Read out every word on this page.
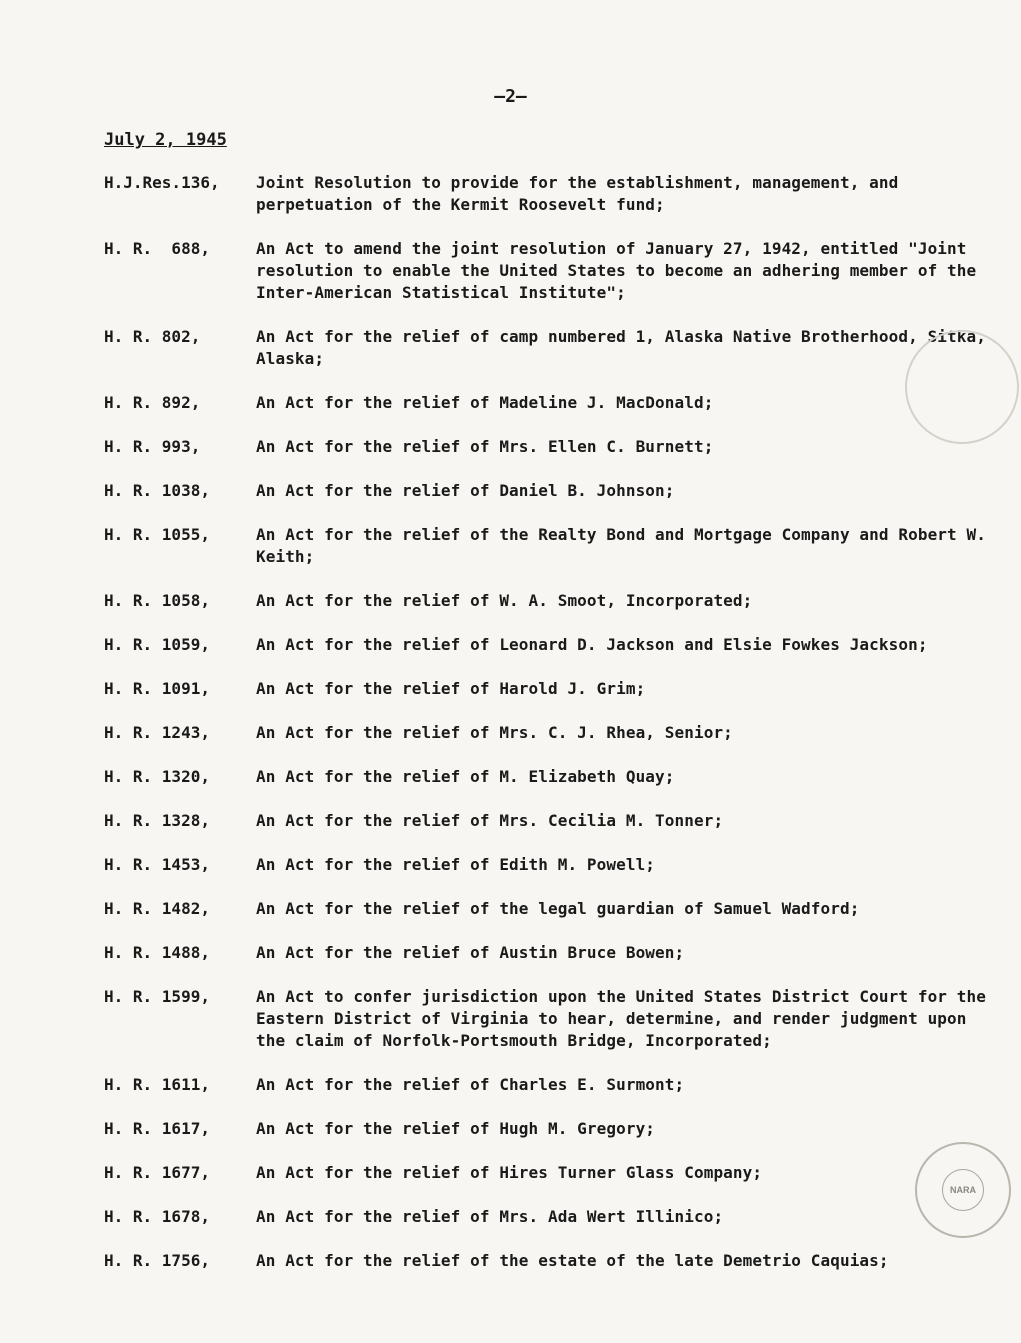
—2—
July 2, 1945
H.J.Res.136,	Joint Resolution to provide for the establishment, management, and perpetuation of the Kermit Roosevelt fund;
H. R.  688,	An Act to amend the joint resolution of January 27, 1942, entitled "Joint resolution to enable the United States to become an adhering member of the Inter-American Statistical Institute";
H. R. 802,	An Act for the relief of camp numbered 1, Alaska Native Brotherhood, Sitka, Alaska;
H. R. 892,	An Act for the relief of Madeline J. MacDonald;
H. R. 993,	An Act for the relief of Mrs. Ellen C. Burnett;
H. R. 1038,	An Act for the relief of Daniel B. Johnson;
H. R. 1055,	An Act for the relief of the Realty Bond and Mortgage Company and Robert W. Keith;
H. R. 1058,	An Act for the relief of W. A. Smoot, Incorporated;
H. R. 1059,	An Act for the relief of Leonard D. Jackson and Elsie Fowkes Jackson;
H. R. 1091,	An Act for the relief of Harold J. Grim;
H. R. 1243,	An Act for the relief of Mrs. C. J. Rhea, Senior;
H. R. 1320,	An Act for the relief of M. Elizabeth Quay;
H. R. 1328,	An Act for the relief of Mrs. Cecilia M. Tonner;
H. R. 1453,	An Act for the relief of Edith M. Powell;
H. R. 1482,	An Act for the relief of the legal guardian of Samuel Wadford;
H. R. 1488,	An Act for the relief of Austin Bruce Bowen;
H. R. 1599,	An Act to confer jurisdiction upon the United States District Court for the Eastern District of Virginia to hear, determine, and render judgment upon the claim of Norfolk-Portsmouth Bridge, Incorporated;
H. R. 1611,	An Act for the relief of Charles E. Surmont;
H. R. 1617,	An Act for the relief of Hugh M. Gregory;
H. R. 1677,	An Act for the relief of Hires Turner Glass Company;
H. R. 1678,	An Act for the relief of Mrs. Ada Wert Illinico;
H. R. 1756,	An Act for the relief of the estate of the late Demetrio Caquias;
NARA
